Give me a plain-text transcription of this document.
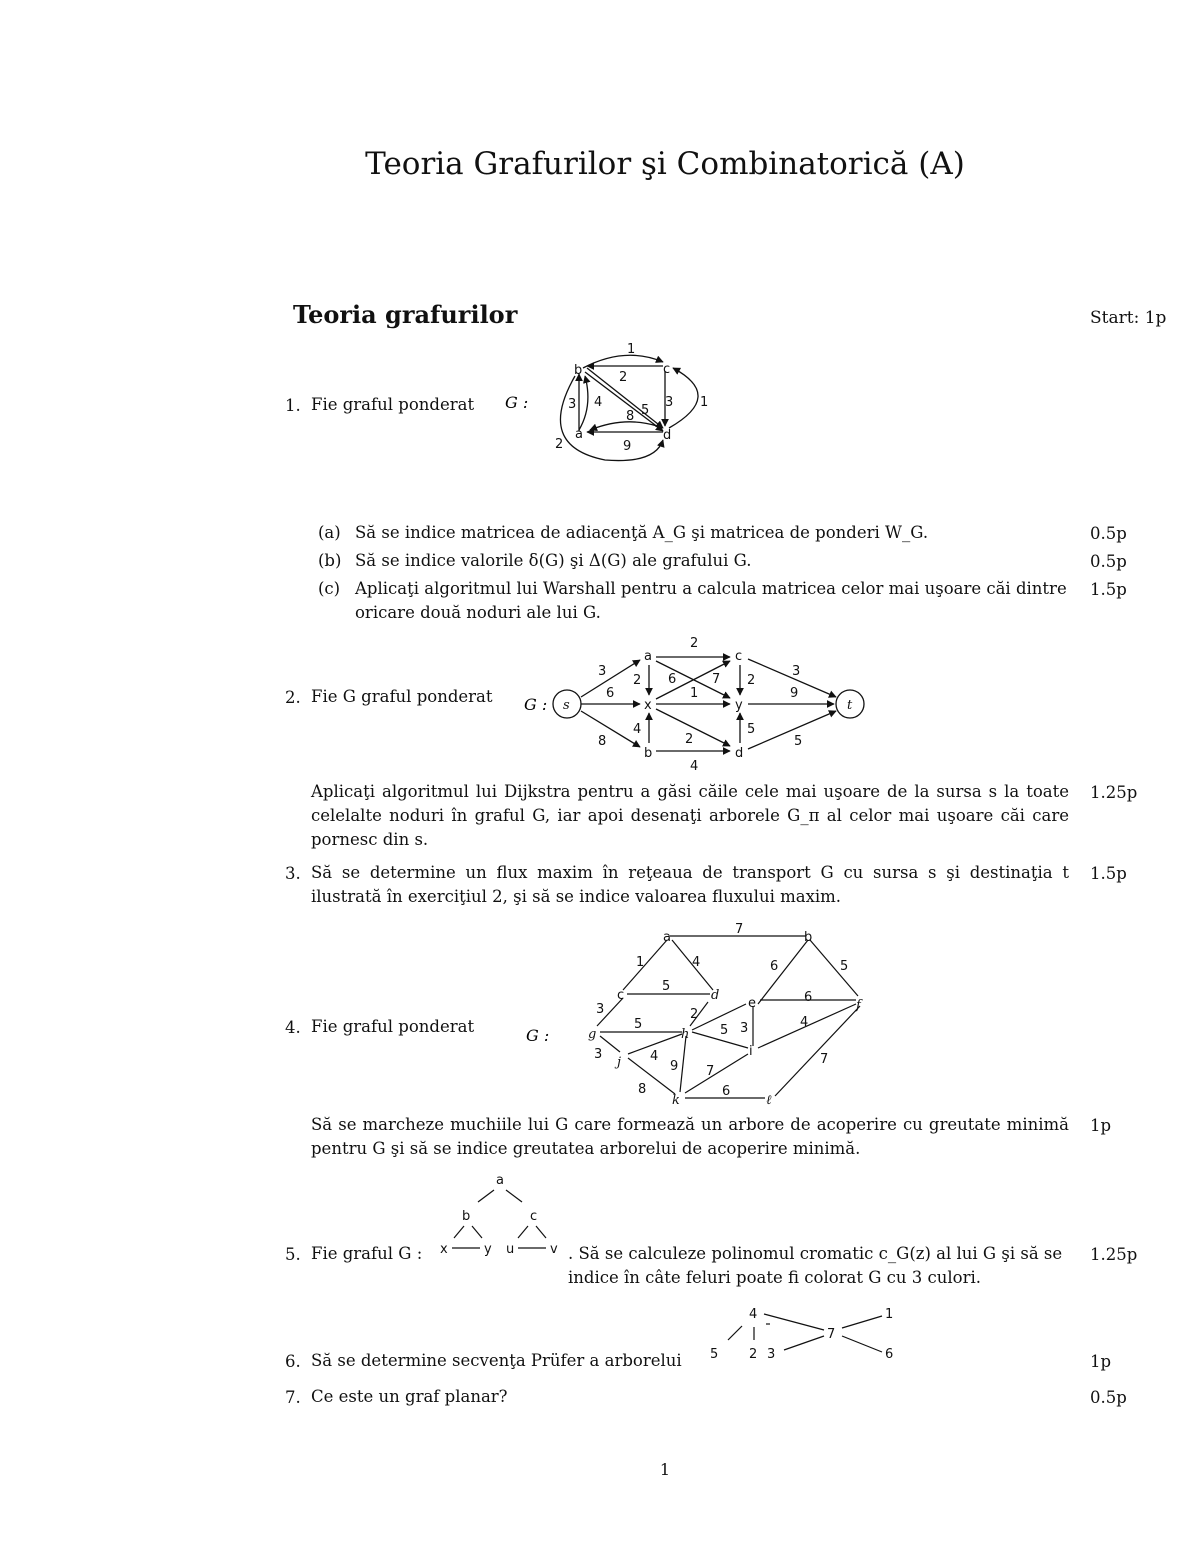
Teoria Grafurilor şi Combinatorică (A)
Teoria grafurilor	Start: 1p
1. Fie graful ponderat
a
b	c
d
1
2
3 4
8 5
3 1
2	9
G :
(a) Să se indice matricea de adiacenţă A_G şi matricea de ponderi W_G.	0.5p
(b) Să se indice valorile δ(G) şi Δ(G) ale grafului G.	0.5p
(c) Aplicaţi algoritmul lui Warshall pentru a calcula matricea celor mai uşoare căi dintre oricare două noduri ale lui G.
1.5p
2. Fie G graful ponderat	s
a
x
b
c
y
d
t
3
6
8
2
2 6
1
4
2
4
7 2
9
5
3
5
G :
Aplicaţi algoritmul lui Dijkstra pentru a găsi căile cele mai uşoare de la sursa s la toate celelalte noduri în graful G, iar apoi desenaţi arborele G_π al celor mai uşoare căi care pornesc din s.
1.25p
3. Să se determine un flux maxim în reţeaua de transport G cu sursa s şi destinaţia t ilustrată în exerciţiul 2, şi să se indice valoarea fluxului maxim.
1.5p
4. Fie graful ponderat
a	b
c	d
e	f
g	h
i
j
k	ℓ
7
1	4	6	5
5
3
6
5
2
5 3	4
3	4
9 7
7
8	6
G :
Să se marcheze muchiile lui G care formează un arbore de acoperire cu greutate minimă pentru G şi să se indice greutatea arborelui de acoperire minimă.
1p
5. Fie graful G :
a
b	c
x	y u	v . Să se calculeze polinomul cromatic c_G(z) al lui G şi să se indice în câte feluri poate fi colorat G cu 3 culori.
1.25p
6. Să se determine secvenţa Prüfer a arborelui
4
5 2 3
7
1
6	1p
7. Ce este un graf planar?	0.5p
1
